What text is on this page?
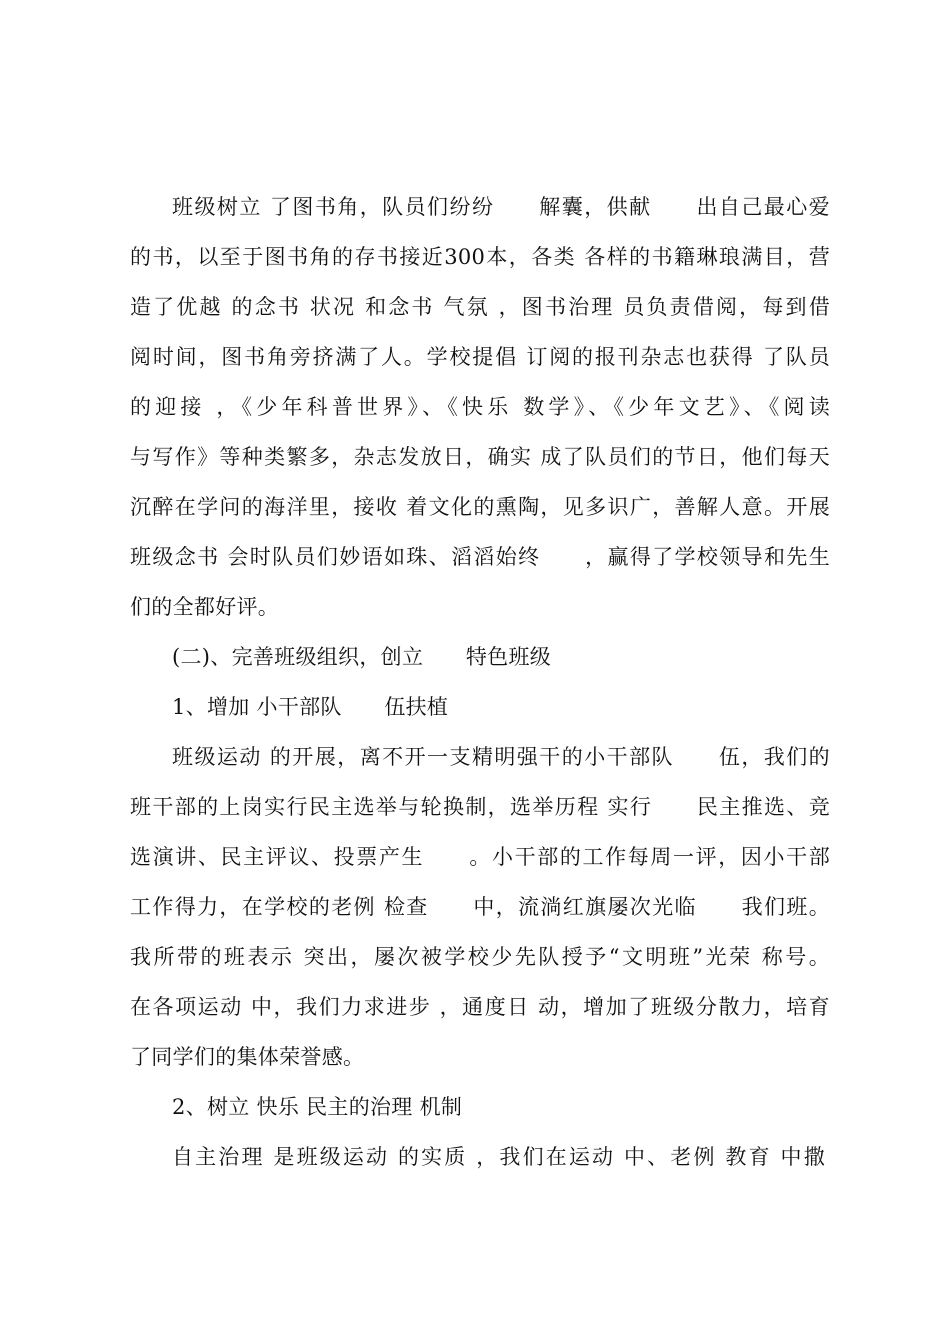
班级树立 了图书角，队员们纷纷　　解囊，供献　　出自己最心爱
的书，以至于图书角的存书接近300本，各类 各样的书籍琳琅满目，营
造了优越 的念书 状况 和念书 气氛 ，图书治理 员负责借阅，每到借
阅时间，图书角旁挤满了人。学校提倡 订阅的报刊杂志也获得 了队员
的迎接 ，《少年科普世界》、《快乐 数学》、《少年文艺》、《阅读
与写作》等种类繁多，杂志发放日，确实 成了队员们的节日，他们每天
沉醉在学问的海洋里，接收 着文化的熏陶，见多识广，善解人意。开展
班级念书 会时队员们妙语如珠、滔滔始终　　，赢得了学校领导和先生
们的全都好评。
(二)、完善班级组织，创立　　特色班级
1、增加 小干部队　　伍扶植
班级运动 的开展，离不开一支精明强干的小干部队　　伍，我们的
班干部的上岗实行民主选举与轮换制，选举历程 实行　　民主推选、竞
选演讲、民主评议、投票产生　　。小干部的工作每周一评，因小干部
工作得力，在学校的老例 检查　　中，流淌红旗屡次光临　　我们班。
我所带的班表示 突出，屡次被学校少先队授予“文明班”光荣 称号。
在各项运动 中，我们力求进步 ，通度日 动，增加了班级分散力，培育
了同学们的集体荣誉感。
2、树立 快乐 民主的治理 机制
自主治理 是班级运动 的实质 ，我们在运动 中、老例 教育 中撒
